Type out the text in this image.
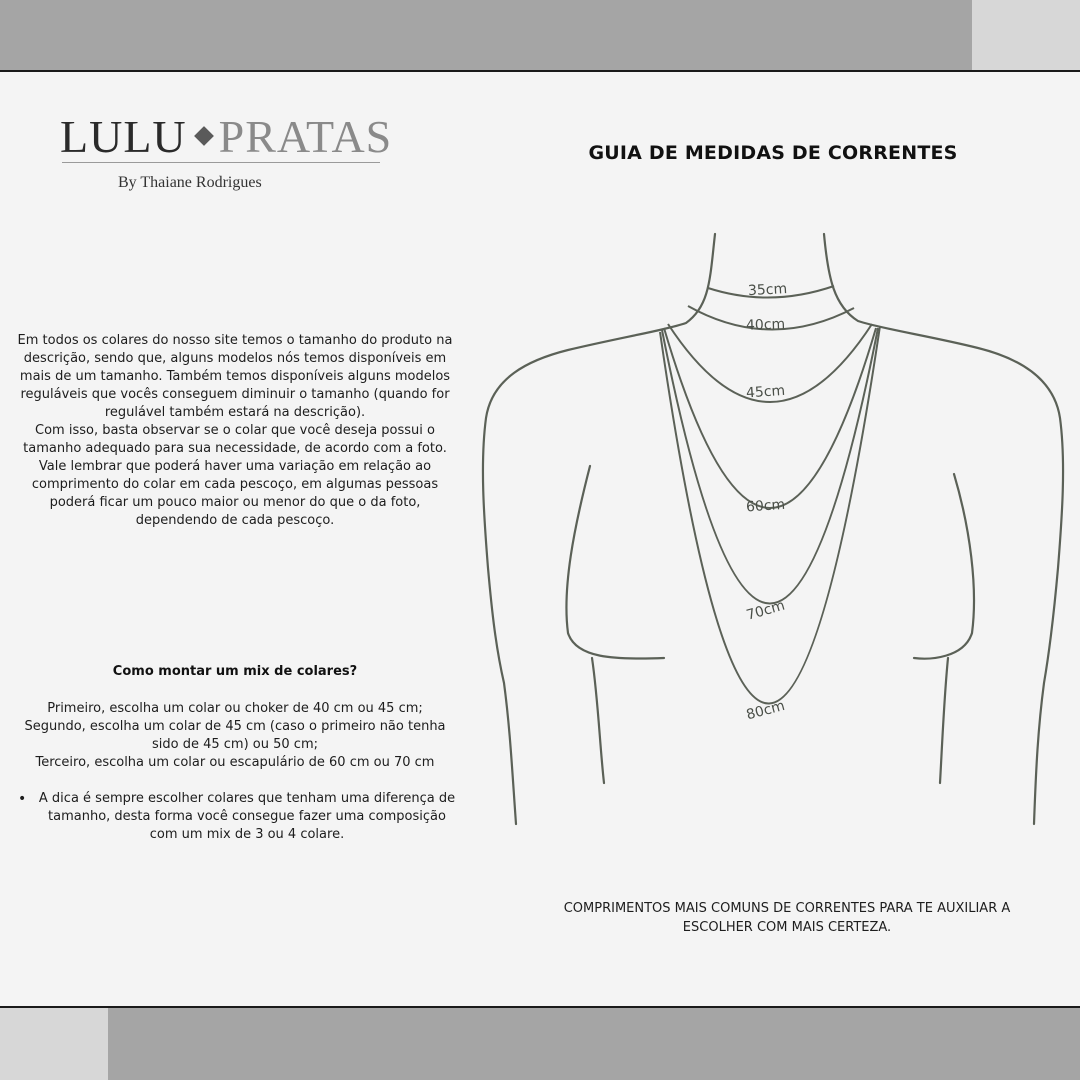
LULU PRATAS
By Thaiane Rodrigues
GUIA DE MEDIDAS DE CORRENTES

Em todos os colares do nosso site temos o tamanho do produto na descrição, sendo que, alguns modelos nós temos disponíveis em mais de um tamanho. Também temos disponíveis alguns modelos reguláveis que vocês conseguem diminuir o tamanho (quando for regulável também estará na descrição).

Com isso, basta observar se o colar que você deseja possui o tamanho adequado para sua necessidade, de acordo com a foto.

Vale lembrar que poderá haver uma variação em relação ao comprimento do colar em cada pescoço, em algumas pessoas poderá ficar um pouco maior ou menor do que o da foto, dependendo de cada pescoço.

Como montar um mix de colares?

Primeiro, escolha um colar ou choker de 40 cm ou 45 cm;

Segundo, escolha um colar de 45 cm (caso o primeiro não tenha sido de 45 cm) ou 50 cm;

Terceiro, escolha um colar ou escapulário de 60 cm ou 70 cm

• A dica é sempre escolher colares que tenham uma diferença de tamanho, desta forma você consegue fazer uma composição com um mix de 3 ou 4 colare.
35cm
40cm
45cm
60cm
70cm
80cm
COMPRIMENTOS MAIS COMUNS DE CORRENTES PARA TE AUXILIAR A ESCOLHER COM MAIS CERTEZA.
